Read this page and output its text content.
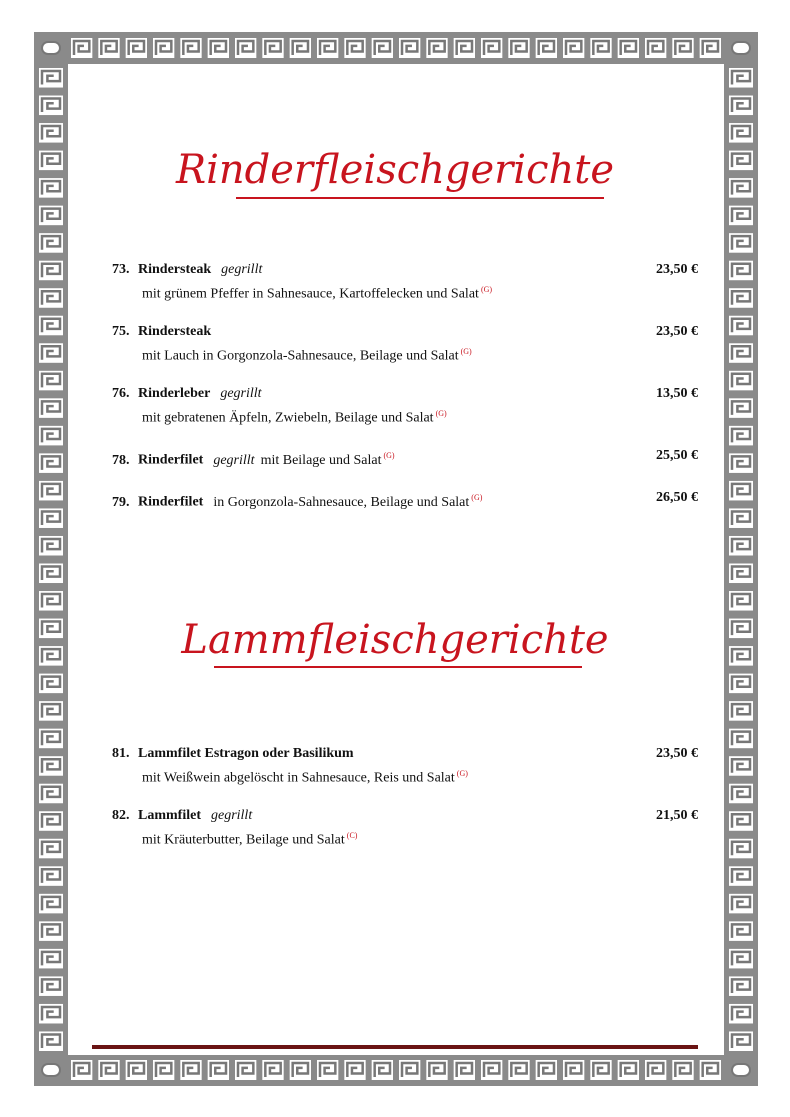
Rinderfleischgerichte
73. Rindersteak gegrillt	23,50 €
mit grünem Pfeffer in Sahnesauce, Kartoffelecken und Salat $^{(G)}$
75. Rindersteak	23,50 €
mit Lauch in Gorgonzola-Sahnesauce, Beilage und Salat $^{(G)}$
76. Rinderleber gegrillt	13,50 €
mit gebratenen Äpfeln, Zwiebeln, Beilage und Salat $^{(G)}$
78. Rinderfilet gegrillt mit Beilage und Salat $^{(G)}$	25,50 €
79. Rinderfilet in Gorgonzola-Sahnesauce, Beilage und Salat $^{(G)}$	26,50 €
Lammfleischgerichte
81. Lammfilet Estragon oder Basilikum	23,50 €
mit Weißwein abgelöscht in Sahnesauce, Reis und Salat $^{(G)}$
82. Lammfilet gegrillt	21,50 €
mit Kräuterbutter, Beilage und Salat $^{(C)}$
